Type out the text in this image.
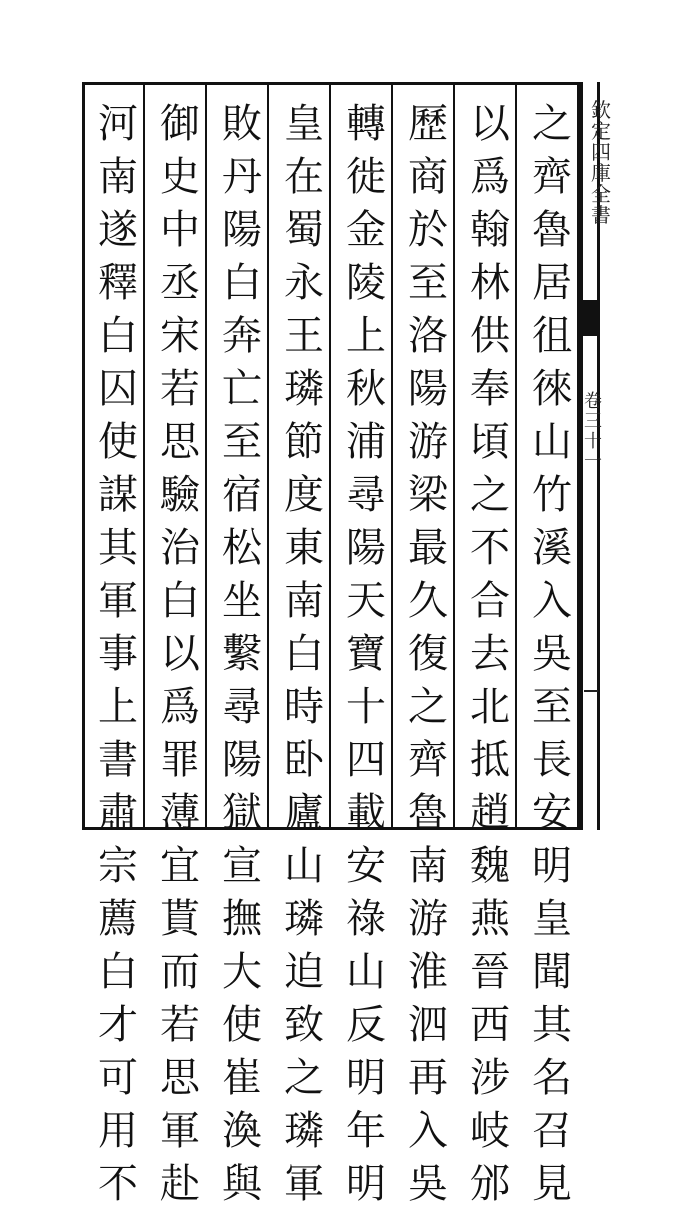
之
齊
魯
居
徂
徠
山
竹
溪
入
吳
至
長
安
明
皇
聞
其
名
召
見
以
爲
翰
林
供
奉
頃
之
不
合
去
北
抵
趙
魏
燕
晉
西
涉
岐
邠
歷
商
於
至
洛
陽
游
梁
最
久
復
之
齊
魯
南
游
淮
泗
再
入
吳
轉
徙
金
陵
上
秋
浦
尋
陽
天
寶
十
四
載
安
祿
山
反
明
年
明
皇
在
蜀
永
王
璘
節
度
東
南
白
時
卧
廬
山
璘
迫
致
之
璘
軍
敗
丹
陽
白
奔
亡
至
宿
松
坐
繫
尋
陽
獄
宣
撫
大
使
崔
渙
與
御
史
中
丞
宋
若
思
驗
治
白
以
爲
罪
薄
宜
貰
而
若
思
軍
赴
河
南
遂
釋
白
囚
使
謀
其
軍
事
上
書
肅
宗
薦
白
才
可
用
不
欽
定
四
庫
全
書
卷
三
十
一
